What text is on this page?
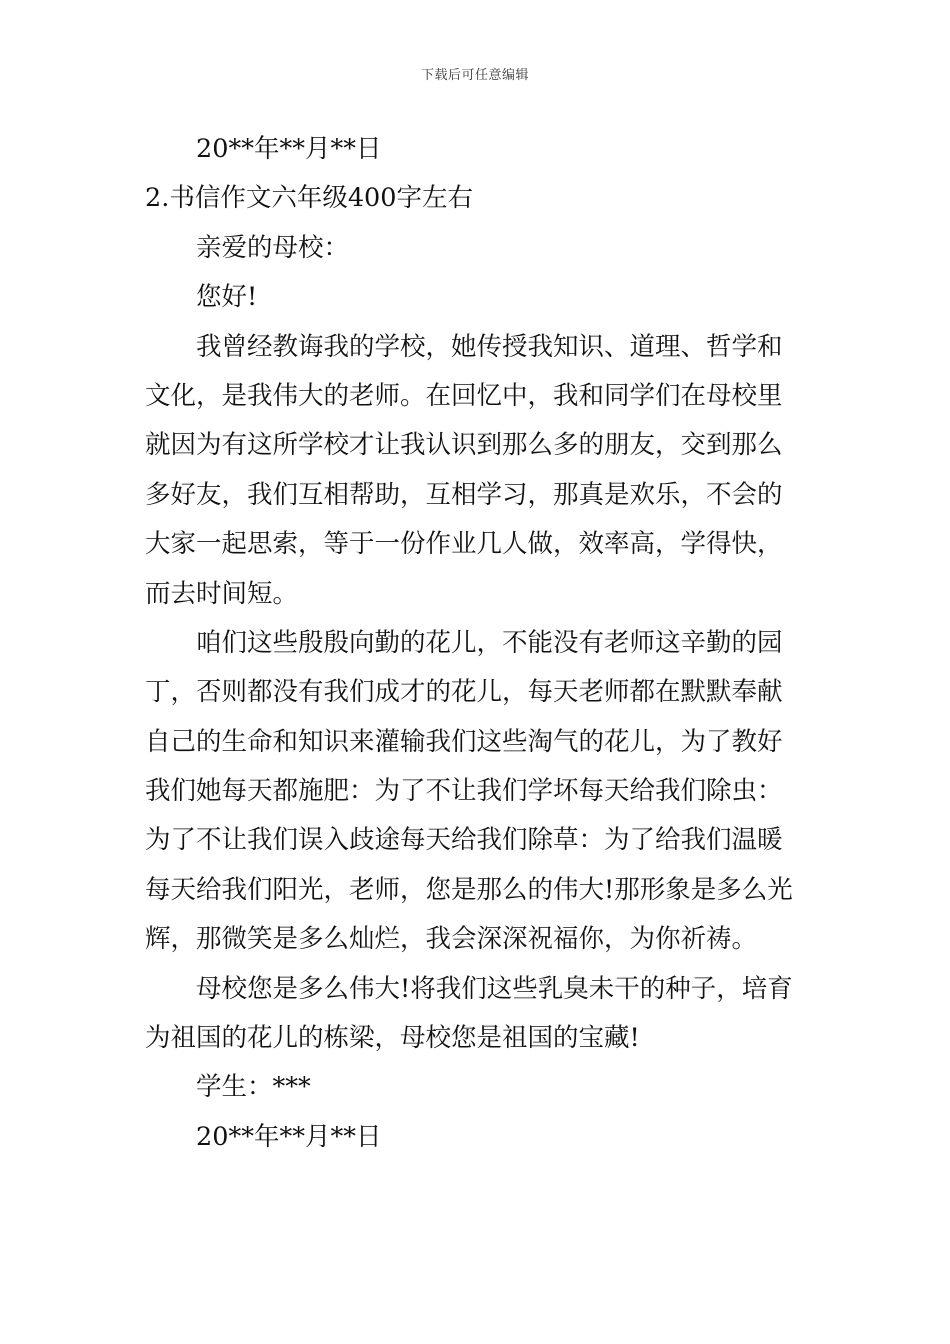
下载后可任意编辑
20**年**月**日
2.书信作文六年级400字左右
亲爱的母校：
您好!
我曾经教诲我的学校，她传授我知识、道理、哲学和
文化，是我伟大的老师。在回忆中，我和同学们在母校里
就因为有这所学校才让我认识到那么多的朋友，交到那么
多好友，我们互相帮助，互相学习，那真是欢乐，不会的
大家一起思索，等于一份作业几人做，效率高，学得快，
而去时间短。
咱们这些殷殷向勤的花儿，不能没有老师这辛勤的园
丁，否则都没有我们成才的花儿，每天老师都在默默奉献
自己的生命和知识来灌输我们这些淘气的花儿，为了教好
我们她每天都施肥：为了不让我们学坏每天给我们除虫：
为了不让我们误入歧途每天给我们除草：为了给我们温暖
每天给我们阳光，老师，您是那么的伟大!那形象是多么光
辉，那微笑是多么灿烂，我会深深祝福你，为你祈祷。
母校您是多么伟大!将我们这些乳臭未干的种子，培育
为祖国的花儿的栋梁，母校您是祖国的宝藏!
学生：***
20**年**月**日
